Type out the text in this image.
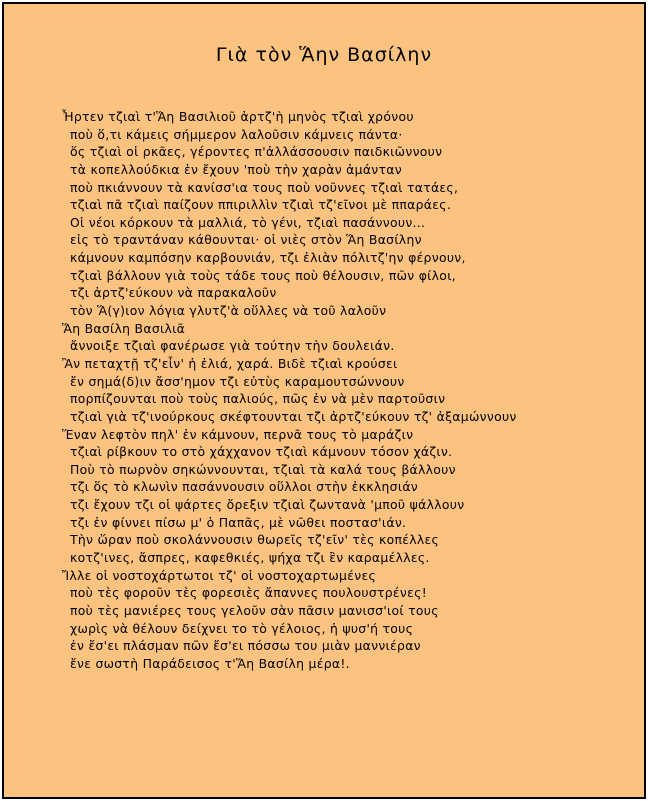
Γιὰ τὸν Ἅην Βασίλην
Ἦρτεν τζιαὶ τ'Ἅη Βασιλιοῦ ἀρτζ'ὴ μηνὸς τζιαὶ χρόνου
ποὺ ὅ,τι κάμεις σήμμερον λαλοῦσιν κάμνεις πάντα·
ὅς τζιαὶ οἱ ρκᾶες, γέροντες π'ἀλλάσσουσιν παιδκιῶννουν
τὰ κοπελλούδκια ἐν ἔχουν 'ποὺ τὴν χαρὰν ἀμάνταν
ποὺ πκιάννουν τὰ κανίσσ'ια τους ποὺ νοῦννες τζιαὶ τατάες,
τζιαὶ πᾶ τζιαὶ παίζουν ππιριλλὶν τζιαὶ τζ'εῖνοι μὲ ππαράες.
Οἱ νέοι κόρκουν τὰ μαλλιά, τὸ γένι, τζιαὶ πασάννουν...
εἰς τὸ τραντάναν κάθουνται· οἱ νιὲς στὸν Ἅη Βασίλην
κάμνουν καμπόσην καρβουνιάν, τζι ἐλιὰν πόλιτζ'ην φέρνουν,
τζιαὶ βάλλουν γιὰ τοὺς τάδε τους ποὺ θέλουσιν, πῶν φίλοι,
τζι ἀρτζ'εύκουν νὰ παρακαλοῦν
τὸν Ἅ(γ)ιον λόγια γλυτζ'ὰ οὕλλες νὰ τοῦ λαλοῦν
Ἅη Βασίλη Βασιλιᾶ
ἄννοιξε τζιαὶ φανέρωσε γιὰ τούτην τὴν δουλειάν.
Ἂν πεταχτῇ τζ'εἶν' ἡ ἐλιά, χαρά. Βιδὲ τζιαὶ κρούσει
ἔν σημά(δ)ιν ἄσσ'ημον τζι εὐτὺς καραμουτσώννουν
πορπίζουνται ποὺ τοὺς παλιούς, πῶς ἐν νὰ μὲν παρτοῦσιν
τζιαὶ γιὰ τζ'ινούρκους σκέφτουνται τζι ἀρτζ'εύκουν τζ' ἀξαμώννουν
Ἕναν λεφτὸν πηλ' ἐν κάμνουν, περνᾶ τους τὸ μαράζιν
τζιαὶ ρίβκουν το στὸ χάχχανον τζιαὶ κάμνουν τόσον χάζιν.
Ποὺ τὸ πωρνὸν σηκώννουνται, τζιαὶ τὰ καλά τους βάλλουν
τζι ὅς τὸ κλωνὶν πασάννουσιν οὕλλοι στὴν ἐκκλησιάν
τζι ἔχουν τζι οἱ ψάρτες ὄρεξιν τζιαὶ ζωντανὰ 'μποῦ ψάλλουν
τζι ἐν φίννει πίσω μ' ὁ Παπᾶς, μὲ νῶθει ποστασ'ιάν.
Τὴν ὥραν ποὺ σκολάννουσιν θωρεῖς τζ'εῖν' τὲς κοπέλλες
κοτζ'ινες, ἄσπρες, καφεθκιές, ψήχα τζι ἒν καραμέλλες.
Ἴλλε οἱ νοστοχάρτωτοι τζ' οἱ νοστοχαρτωμένες
ποὺ τὲς φοροῦν τὲς φορεσιὲς ἄπαννες πουλουστρένες!
ποὺ τὲς μανιέρες τους γελοῦν σὰν πᾶσιν μανισσ'ιοί τους
χωρὶς νὰ θέλουν δείχνει το τὸ γέλοιος, ἡ ψυσ'ή τους
ἐν ἔσ'ει πλάσμαν πῶν ἔσ'ει πόσσω του μιὰν μαννιέραν
ἔνε σωστὴ Παράδεισος τ'Ἅη Βασίλη μέρα!.
